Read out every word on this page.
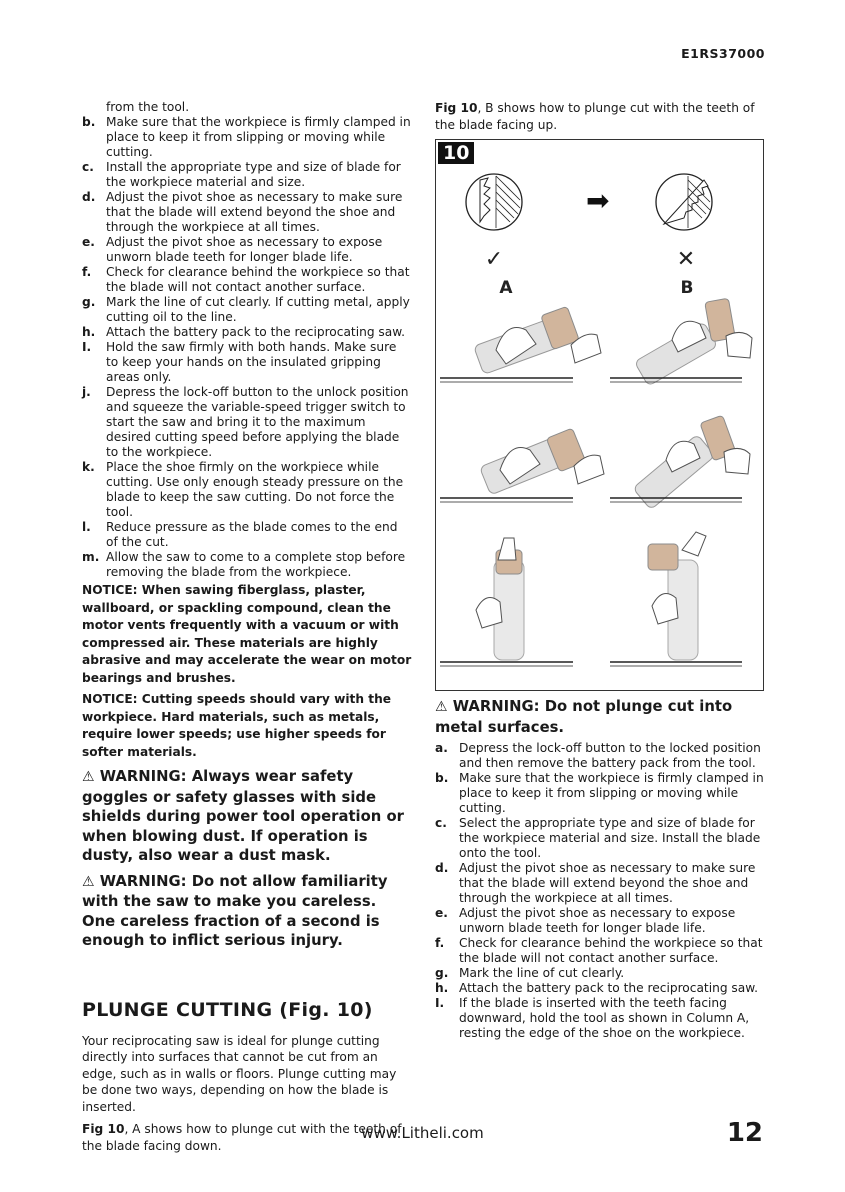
E1RS37000
from the tool.
b. Make sure that the workpiece is firmly clamped in place to keep it from slipping or moving while cutting.
c. Install the appropriate type and size of blade for the workpiece material and size.
d. Adjust the pivot shoe as necessary to make sure that the blade will extend beyond the shoe and through the workpiece at all times.
e. Adjust the pivot shoe as necessary to expose unworn blade teeth for longer blade life.
f. Check for clearance behind the workpiece so that the blade will not contact another surface.
g. Mark the line of cut clearly. If cutting metal, apply cutting oil to the line.
h. Attach the battery pack to the reciprocating saw.
I. Hold the saw firmly with both hands. Make sure to keep your hands on the insulated gripping areas only.
j. Depress the lock-off button to the unlock position and squeeze the variable-speed trigger switch to start the saw and bring it to the maximum desired cutting speed before applying the blade to the workpiece.
k. Place the shoe firmly on the workpiece while cutting. Use only enough steady pressure on the blade to keep the saw cutting. Do not force the tool.
l. Reduce pressure as the blade comes to the end of the cut.
m. Allow the saw to come to a complete stop before removing the blade from the workpiece.
NOTICE: When sawing fiberglass, plaster, wallboard, or spackling compound, clean the motor vents frequently with a vacuum or with compressed air. These materials are highly abrasive and may accelerate the wear on motor bearings and brushes.
NOTICE: Cutting speeds should vary with the workpiece. Hard materials, such as metals, require lower speeds; use higher speeds for softer materials.
⚠ WARNING: Always wear safety goggles or safety glasses with side shields during power tool operation or when blowing dust. If operation is dusty, also wear a dust mask.
⚠ WARNING: Do not allow familiarity with the saw to make you careless. One careless fraction of a second is enough to inflict serious injury.
PLUNGE CUTTING (Fig. 10)
Your reciprocating saw is ideal for plunge cutting directly into surfaces that cannot be cut from an edge, such as in walls or floors. Plunge cutting may be done two ways, depending on how the blade is inserted.
Fig 10, A shows how to plunge cut with the teeth of the blade facing down.
Fig 10, B shows how to plunge cut with the teeth of the blade facing up.
➡
✓	✕
A	B
10
⚠ WARNING: Do not plunge cut into metal surfaces.
a. Depress the lock-off button to the locked position and then remove the battery pack from the tool.
b. Make sure that the workpiece is firmly clamped in place to keep it from slipping or moving while cutting.
c. Select the appropriate type and size of blade for the workpiece material and size. Install the blade onto the tool.
d. Adjust the pivot shoe as necessary to make sure that the blade will extend beyond the shoe and through the workpiece at all times.
e. Adjust the pivot shoe as necessary to expose unworn blade teeth for longer blade life.
f. Check for clearance behind the workpiece so that the blade will not contact another surface.
g. Mark the line of cut clearly.
h. Attach the battery pack to the reciprocating saw.
I. If the blade is inserted with the teeth facing downward, hold the tool as shown in Column A, resting the edge of the shoe on the workpiece.
www.Litheli.com	12
